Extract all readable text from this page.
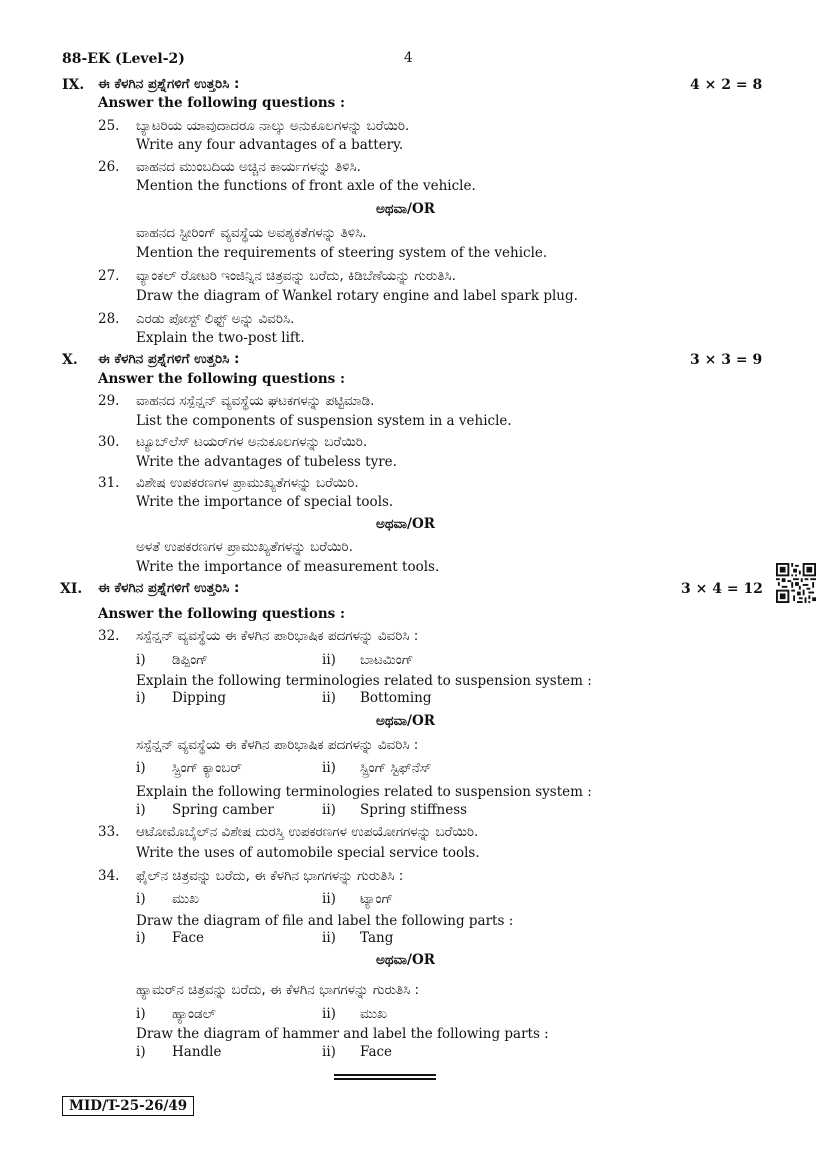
88-EK (Level-2)	4
IX. ಈ ಕೆಳಗಿನ ಪ್ರಶ್ನೆಗಳಿಗೆ ಉತ್ತರಿಸಿ :	4 × 2 = 8
Answer the following questions :
25. ಬ್ಯಾಟರಿಯ ಯಾವುದಾದರೂ ನಾಲ್ಕು ಅನುಕೂಲಗಳನ್ನು ಬರೆಯಿರಿ.
Write any four advantages of a battery.
26. ವಾಹನದ ಮುಂಬದಿಯ ಅಚ್ಚಿನ ಕಾರ್ಯಗಳನ್ನು ತಿಳಿಸಿ.
Mention the functions of front axle of the vehicle.
ಅಥವಾ/OR
ವಾಹನದ ಸ್ಟೀರಿಂಗ್ ವ್ಯವಸ್ಥೆಯ ಅವಶ್ಯಕತೆಗಳನ್ನು ತಿಳಿಸಿ.
Mention the requirements of steering system of the vehicle.
27. ವ್ಯಾಂಕಲ್ ರೋಟರಿ ಇಂಜಿನ್ನಿನ ಚಿತ್ರವನ್ನು ಬರೆದು, ಕಿಡಿಬೆಣೆಯನ್ನು ಗುರುತಿಸಿ.
Draw the diagram of Wankel rotary engine and label spark plug.
28. ಎರಡು ಪೋಸ್ಟ್ ಲಿಫ್ಟ್ ಅನ್ನು ವಿವರಿಸಿ.
Explain the two-post lift.
X. ಈ ಕೆಳಗಿನ ಪ್ರಶ್ನೆಗಳಿಗೆ ಉತ್ತರಿಸಿ :	3 × 3 = 9
Answer the following questions :
29. ವಾಹನದ ಸಸ್ಪೆನ್ಷನ್ ವ್ಯವಸ್ಥೆಯ ಘಟಕಗಳನ್ನು ಪಟ್ಟಿಮಾಡಿ.
List the components of suspension system in a vehicle.
30. ಟ್ಯೂಬ್‌ಲೆಸ್ ಟಯರ್‌ಗಳ ಅನುಕೂಲಗಳನ್ನು ಬರೆಯಿರಿ.
Write the advantages of tubeless tyre.
31. ವಿಶೇಷ ಉಪಕರಣಗಳ ಪ್ರಾಮುಖ್ಯತೆಗಳನ್ನು ಬರೆಯಿರಿ.
Write the importance of special tools.
ಅಥವಾ/OR
ಅಳತೆ ಉಪಕರಣಗಳ ಪ್ರಾಮುಖ್ಯತೆಗಳನ್ನು ಬರೆಯಿರಿ.
Write the importance of measurement tools.
XI. ಈ ಕೆಳಗಿನ ಪ್ರಶ್ನೆಗಳಿಗೆ ಉತ್ತರಿಸಿ :	3 × 4 = 12
Answer the following questions :
32. ಸಸ್ಪೆನ್ಷನ್ ವ್ಯವಸ್ಥೆಯ ಈ ಕೆಳಗಿನ ಪಾರಿಭಾಷಿಕ ಪದಗಳನ್ನು ವಿವರಿಸಿ :
i) ಡಿಪ್ಪಿಂಗ್	ii) ಬಾಟಮಿಂಗ್
Explain the following terminologies related to suspension system :
i) Dipping	ii) Bottoming
ಅಥವಾ/OR
ಸಸ್ಪೆನ್ಷನ್ ವ್ಯವಸ್ಥೆಯ ಈ ಕೆಳಗಿನ ಪಾರಿಭಾಷಿಕ ಪದಗಳನ್ನು ವಿವರಿಸಿ :
i) ಸ್ಪ್ರಿಂಗ್ ಕ್ಯಾಂಬರ್	ii) ಸ್ಪ್ರಿಂಗ್ ಸ್ಟಿಫ್‌ನೆಸ್
Explain the following terminologies related to suspension system :
i) Spring camber	ii) Spring stiffness
33. ಆಟೋಮೊಬೈಲ್‌ನ ವಿಶೇಷ ದುರಸ್ತಿ ಉಪಕರಣಗಳ ಉಪಯೋಗಗಳನ್ನು ಬರೆಯಿರಿ.
Write the uses of automobile special service tools.
34. ಫೈಲ್‌ನ ಚಿತ್ರವನ್ನು ಬರೆದು, ಈ ಕೆಳಗಿನ ಭಾಗಗಳನ್ನು ಗುರುತಿಸಿ :
i) ಮುಖ	ii) ಟ್ಯಾಂಗ್
Draw the diagram of file and label the following parts :
i) Face	ii) Tang
ಅಥವಾ/OR
ಹ್ಯಾಮರ್‌ನ ಚಿತ್ರವನ್ನು ಬರೆದು, ಈ ಕೆಳಗಿನ ಭಾಗಗಳನ್ನು ಗುರುತಿಸಿ :
i) ಹ್ಯಾಂಡಲ್	ii) ಮುಖ
Draw the diagram of hammer and label the following parts :
i) Handle	ii) Face
MID/T-25-26/49
